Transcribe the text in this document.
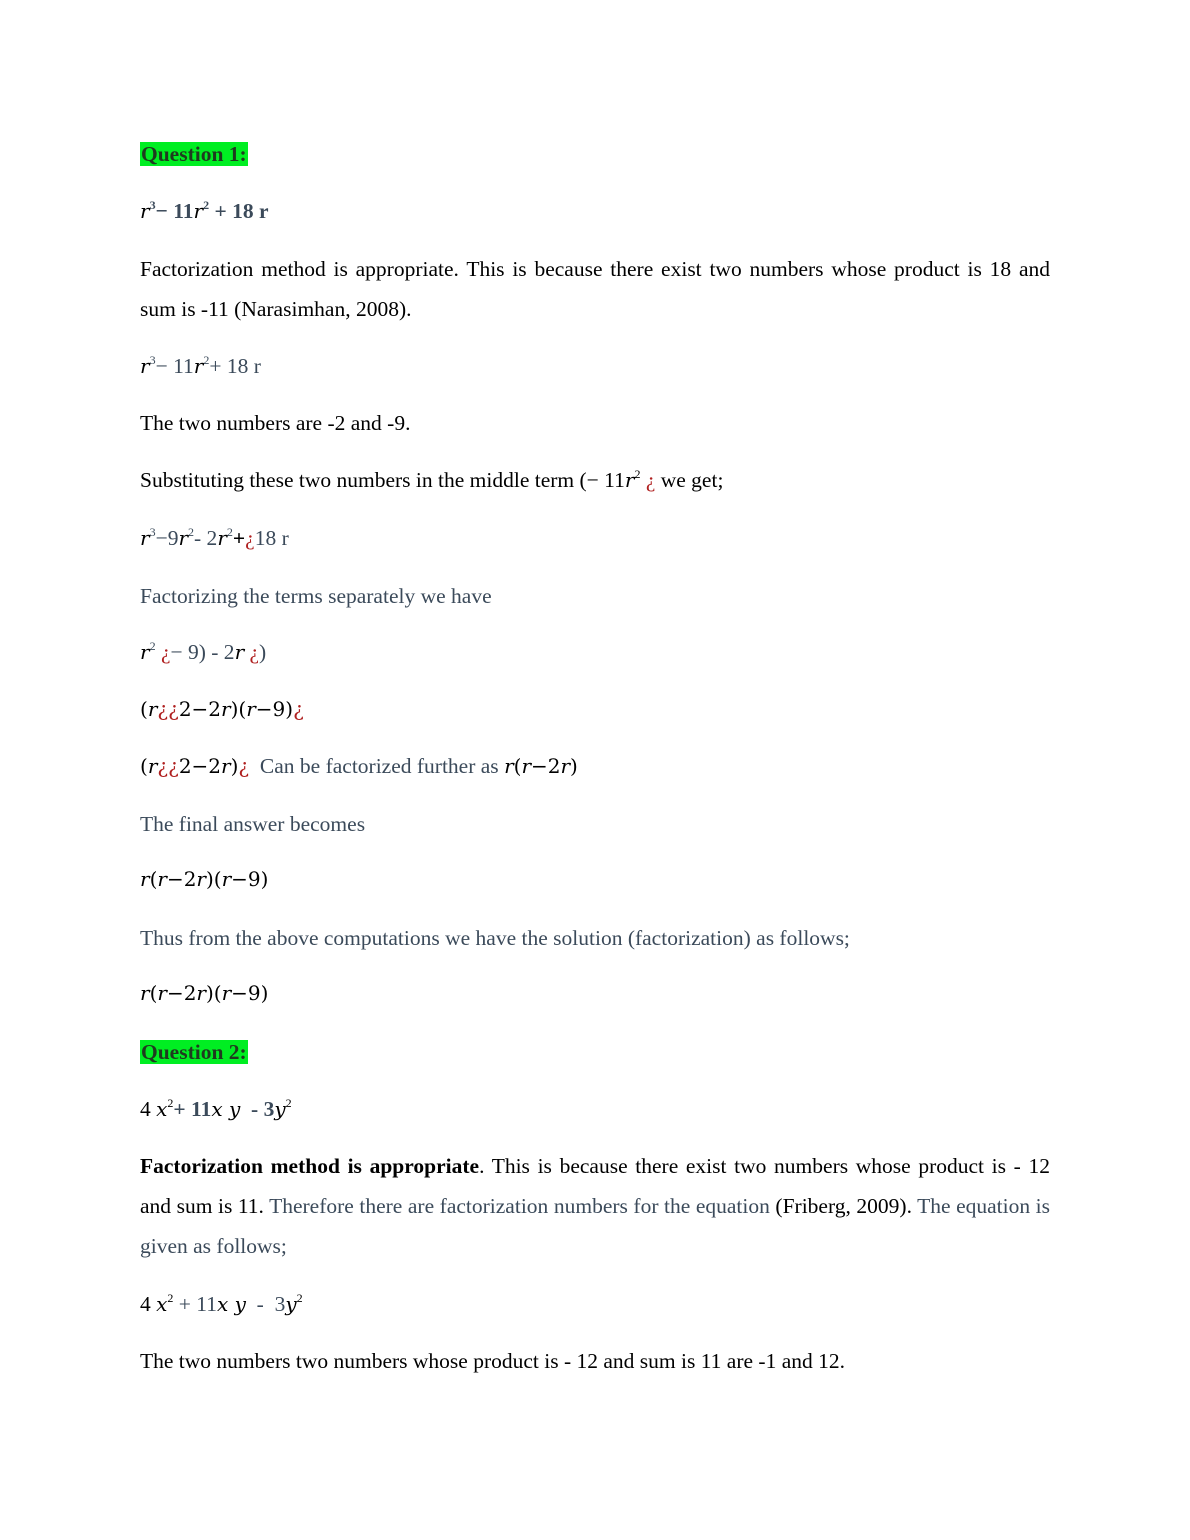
Question 1:
$r^3- 11r^2 + 18$ r
Factorization method is appropriate. This is because there exist two numbers whose product is 18 and sum is -11 (Narasimhan, 2008).
$r^3- 11r^2+ 18$ r
The two numbers are -2 and -9.
Substituting these two numbers in the middle term (− $11r^2$ ¿ we get;
$r^3-9r^2-$ $2r^2+¿18$ r
Factorizing the terms separately we have
$r^2$ ¿− 9) - 2r ¿)
(r¿¿2−2r)(r−9)¿
(r¿¿2−2r)¿  Can be factorized further as r(r−2r)
The final answer becomes
r(r−2r)(r−9)
Thus from the above computations we have the solution (factorization) as follows;
r(r−2r)(r−9)
Question 2:
4 $x^2+ 11x$ y  - $3y^2$
Factorization method is appropriate. This is because there exist two numbers whose product is - 12 and sum is 11. Therefore there are factorization numbers for the equation (Friberg, 2009). The equation is given as follows;
4 $x^2 + 11x$ y  -  $3y^2$
The two numbers two numbers whose product is - 12 and sum is 11 are -1 and 12.
